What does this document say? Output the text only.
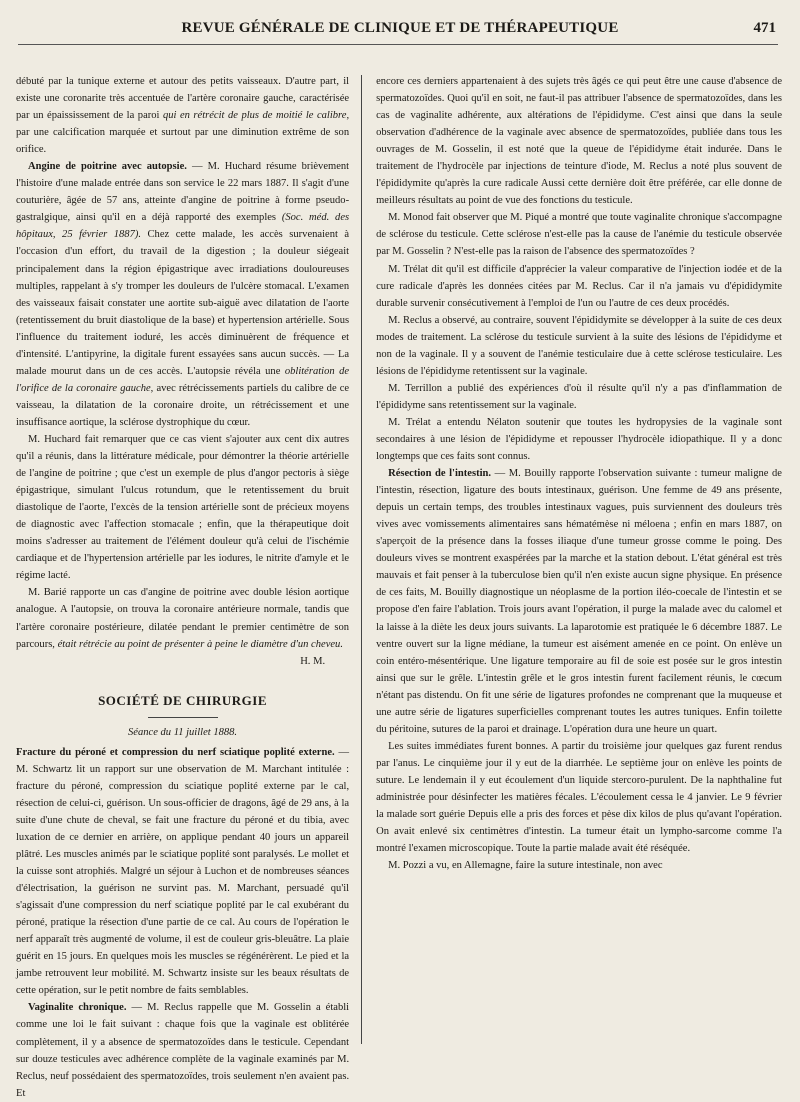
REVUE GÉNÉRALE DE CLINIQUE ET DE THÉRAPEUTIQUE	471

débuté par la tunique externe et autour des petits vaisseaux. D'autre part, il existe une coronarite très accentuée de l'artère coronaire gauche, caractérisée par un épaississement de la paroi qui en rétrécit de plus de moitié le calibre, par une calcification marquée et surtout par une diminution extrême de son orifice.

Angine de poitrine avec autopsie. — M. Huchard résume brièvement l'histoire d'une malade entrée dans son service le 22 mars 1887. Il s'agit d'une couturière, âgée de 57 ans, atteinte d'angine de poitrine à forme pseudo-gastralgique, ainsi qu'il en a déjà rapporté des exemples (Soc. méd. des hôpitaux, 25 février 1887). Chez cette malade, les accès survenaient à l'occasion d'un effort, du travail de la digestion ; la douleur siégeait principalement dans la région épigastrique avec irradiations douloureuses multiples, rappelant à s'y tromper les douleurs de l'ulcère stomacal. L'examen des vaisseaux faisait constater une aortite sub-aiguë avec dilatation de l'aorte (retentissement du bruit diastolique de la base) et hypertension artérielle. Sous l'influence du traitement ioduré, les accès diminuèrent de fréquence et d'intensité. L'antipyrine, la digitale furent essayées sans aucun succès. — La malade mourut dans un de ces accès. L'autopsie révéla une oblitération de l'orifice de la coronaire gauche, avec rétrécissements partiels du calibre de ce vaisseau, la dilatation de la coronaire droite, un rétrécissement et une insuffisance aortique, la sclérose dystrophique du cœur.

M. Huchard fait remarquer que ce cas vient s'ajouter aux cent dix autres qu'il a réunis, dans la littérature médicale, pour démontrer la théorie artérielle de l'angine de poitrine ; que c'est un exemple de plus d'angor pectoris à siège épigastrique, simulant l'ulcus rotundum, que le retentissement du bruit diastolique de l'aorte, l'excès de la tension artérielle sont de précieux moyens de diagnostic avec l'affection stomacale ; enfin, que la thérapeutique doit moins s'adresser au traitement de l'élément douleur qu'à celui de l'ischémie cardiaque et de l'hypertension artérielle par les iodures, le nitrite d'amyle et le régime lacté.

M. Barié rapporte un cas d'angine de poitrine avec double lésion aortique analogue. A l'autopsie, on trouva la coronaire antérieure normale, tandis que l'artère coronaire postérieure, dilatée pendant le premier centimètre de son parcours, était rétrécie au point de présenter à peine le diamètre d'un cheveu.

H. M.
SOCIÉTÉ DE CHIRURGIE
Séance du 11 juillet 1888.

Fracture du péroné et compression du nerf sciatique poplité externe. — M. Schwartz lit un rapport sur une observation de M. Marchant intitulée : fracture du péroné, compression du sciatique poplité externe par le cal, résection de celui-ci, guérison. Un sous-officier de dragons, âgé de 29 ans, à la suite d'une chute de cheval, se fait une fracture du péroné et du tibia, avec luxation de ce dernier en arrière, on applique pendant 40 jours un appareil plâtré. Les muscles animés par le sciatique poplité sont paralysés. Le mollet et la cuisse sont atrophiés. Malgré un séjour à Luchon et de nombreuses séances d'électrisation, la guérison ne survint pas. M. Marchant, persuadé qu'il s'agissait d'une compression du nerf sciatique poplité par le cal exubérant du péroné, pratique la résection d'une partie de ce cal. Au cours de l'opération le nerf apparaît très augmenté de volume, il est de couleur gris-bleuâtre. La plaie guérit en 15 jours. En quelques mois les muscles se régénérèrent. Le pied et la jambe retrouvent leur mobilité. M. Schwartz insiste sur les beaux résultats de cette opération, sur le petit nombre de faits semblables.

Vaginalite chronique. — M. Reclus rappelle que M. Gosselin a établi comme une loi le fait suivant : chaque fois que la vaginale est oblitérée complètement, il y a absence de spermatozoïdes dans le testicule. Cependant sur douze testicules avec adhérence complète de la vaginale examinés par M. Reclus, neuf possédaient des spermatozoïdes, trois seulement n'en avaient pas. Et

encore ces derniers appartenaient à des sujets très âgés ce qui peut être une cause d'absence de spermatozoïdes. Quoi qu'il en soit, ne faut-il pas attribuer l'absence de spermatozoïdes, dans les cas de vaginalite adhérente, aux altérations de l'épididyme. C'est ainsi que dans la seule observation d'adhérence de la vaginale avec absence de spermatozoïdes, publiée dans tous les ouvrages de M. Gosselin, il est noté que la queue de l'épididyme était indurée. Dans le traitement de l'hydrocèle par injections de teinture d'iode, M. Reclus a noté plus souvent de l'épididymite qu'après la cure radicale Aussi cette dernière doit être préférée, car elle donne de meilleurs résultats au point de vue des fonctions du testicule.

M. Monod fait observer que M. Piqué a montré que toute vaginalite chronique s'accompagne de sclérose du testicule. Cette sclérose n'est-elle pas la cause de l'anémie du testicule observée par M. Gosselin ? N'est-elle pas la raison de l'absence des spermatozoïdes ?

M. Trélat dit qu'il est difficile d'apprécier la valeur comparative de l'injection iodée et de la cure radicale d'après les données citées par M. Reclus. Car il n'a jamais vu d'épididymite durable survenir consécutivement à l'emploi de l'un ou l'autre de ces deux procédés.

M. Reclus a observé, au contraire, souvent l'épididymite se développer à la suite de ces deux modes de traitement. La sclérose du testicule survient à la suite des lésions de l'épididyme et non de la vaginale. Il y a souvent de l'anémie testiculaire due à cette sclérose testiculaire. Les lésions de l'épididyme retentissent sur la vaginale.

M. Terrillon a publié des expériences d'où il résulte qu'il n'y a pas d'inflammation de l'épididyme sans retentissement sur la vaginale.

M. Trélat a entendu Nélaton soutenir que toutes les hydropysies de la vaginale sont secondaires à une lésion de l'épididyme et repousser l'hydrocèle idiopathique. Il y a donc longtemps que ces faits sont connus.

Résection de l'intestin. — M. Bouilly rapporte l'observation suivante : tumeur maligne de l'intestin, résection, ligature des bouts intestinaux, guérison. Une femme de 49 ans présente, depuis un certain temps, des troubles intestinaux vagues, puis surviennent des douleurs très vives avec vomissements alimentaires sans hématémèse ni méloena ; enfin en mars 1887, on s'aperçoit de la présence dans la fosses iliaque d'une tumeur grosse comme le poing. Des douleurs vives se montrent exaspérées par la marche et la station debout. L'état général est très mauvais et fait penser à la tuberculose bien qu'il n'en existe aucun signe physique. En présence de ces faits, M. Bouilly diagnostique un néoplasme de la portion iléo-coecale de l'intestin et se propose d'en faire l'ablation. Trois jours avant l'opération, il purge la malade avec du calomel et la laisse à la diète les deux jours suivants. La laparotomie est pratiquée le 6 décembre 1887. Le ventre ouvert sur la ligne médiane, la tumeur est aisément amenée en ce point. On enlève un coin entéro-mésentérique. Une ligature temporaire au fil de soie est posée sur le gros intestin ainsi que sur le grêle. L'intestin grêle et le gros intestin furent facilement réunis, le cœcum n'étant pas distendu. On fit une série de ligatures profondes ne comprenant que la muqueuse et une autre série de ligatures superficielles comprenant toutes les autres tuniques. Enfin toilette du péritoine, sutures de la paroi et drainage. L'opération dura une heure un quart.

Les suites immédiates furent bonnes. A partir du troisième jour quelques gaz furent rendus par l'anus. Le cinquième jour il y eut de la diarrhée. Le septième jour on enlève les points de suture. Le lendemain il y eut écoulement d'un liquide stercoro-purulent. De la naphthaline fut administrée pour désinfecter les matières fécales. L'écoulement cessa le 4 janvier. Le 9 février la malade sort guérie Depuis elle a pris des forces et pèse dix kilos de plus qu'avant l'opération. On avait enlevé six centimètres d'intestin. La tumeur était un lympho-sarcome comme l'a montré l'examen microscopique. Toute la partie malade avait été réséquée.

M. Pozzi a vu, en Allemagne, faire la suture intestinale, non avec
